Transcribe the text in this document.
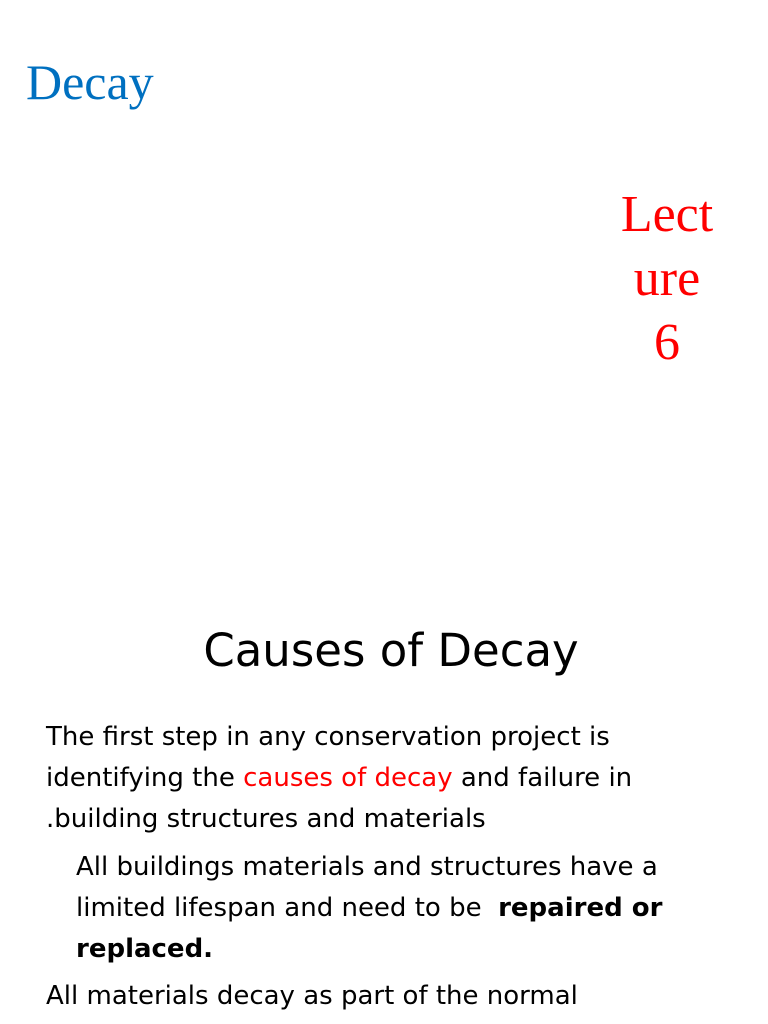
Decay
Lect
ure
6
Causes of Decay
The first step in any conservation project is
identifying the causes of decay and failure in
.building structures and materials
All buildings materials and structures have a
limited lifespan and need to be  repaired or
replaced.
All materials decay as part of the normal
